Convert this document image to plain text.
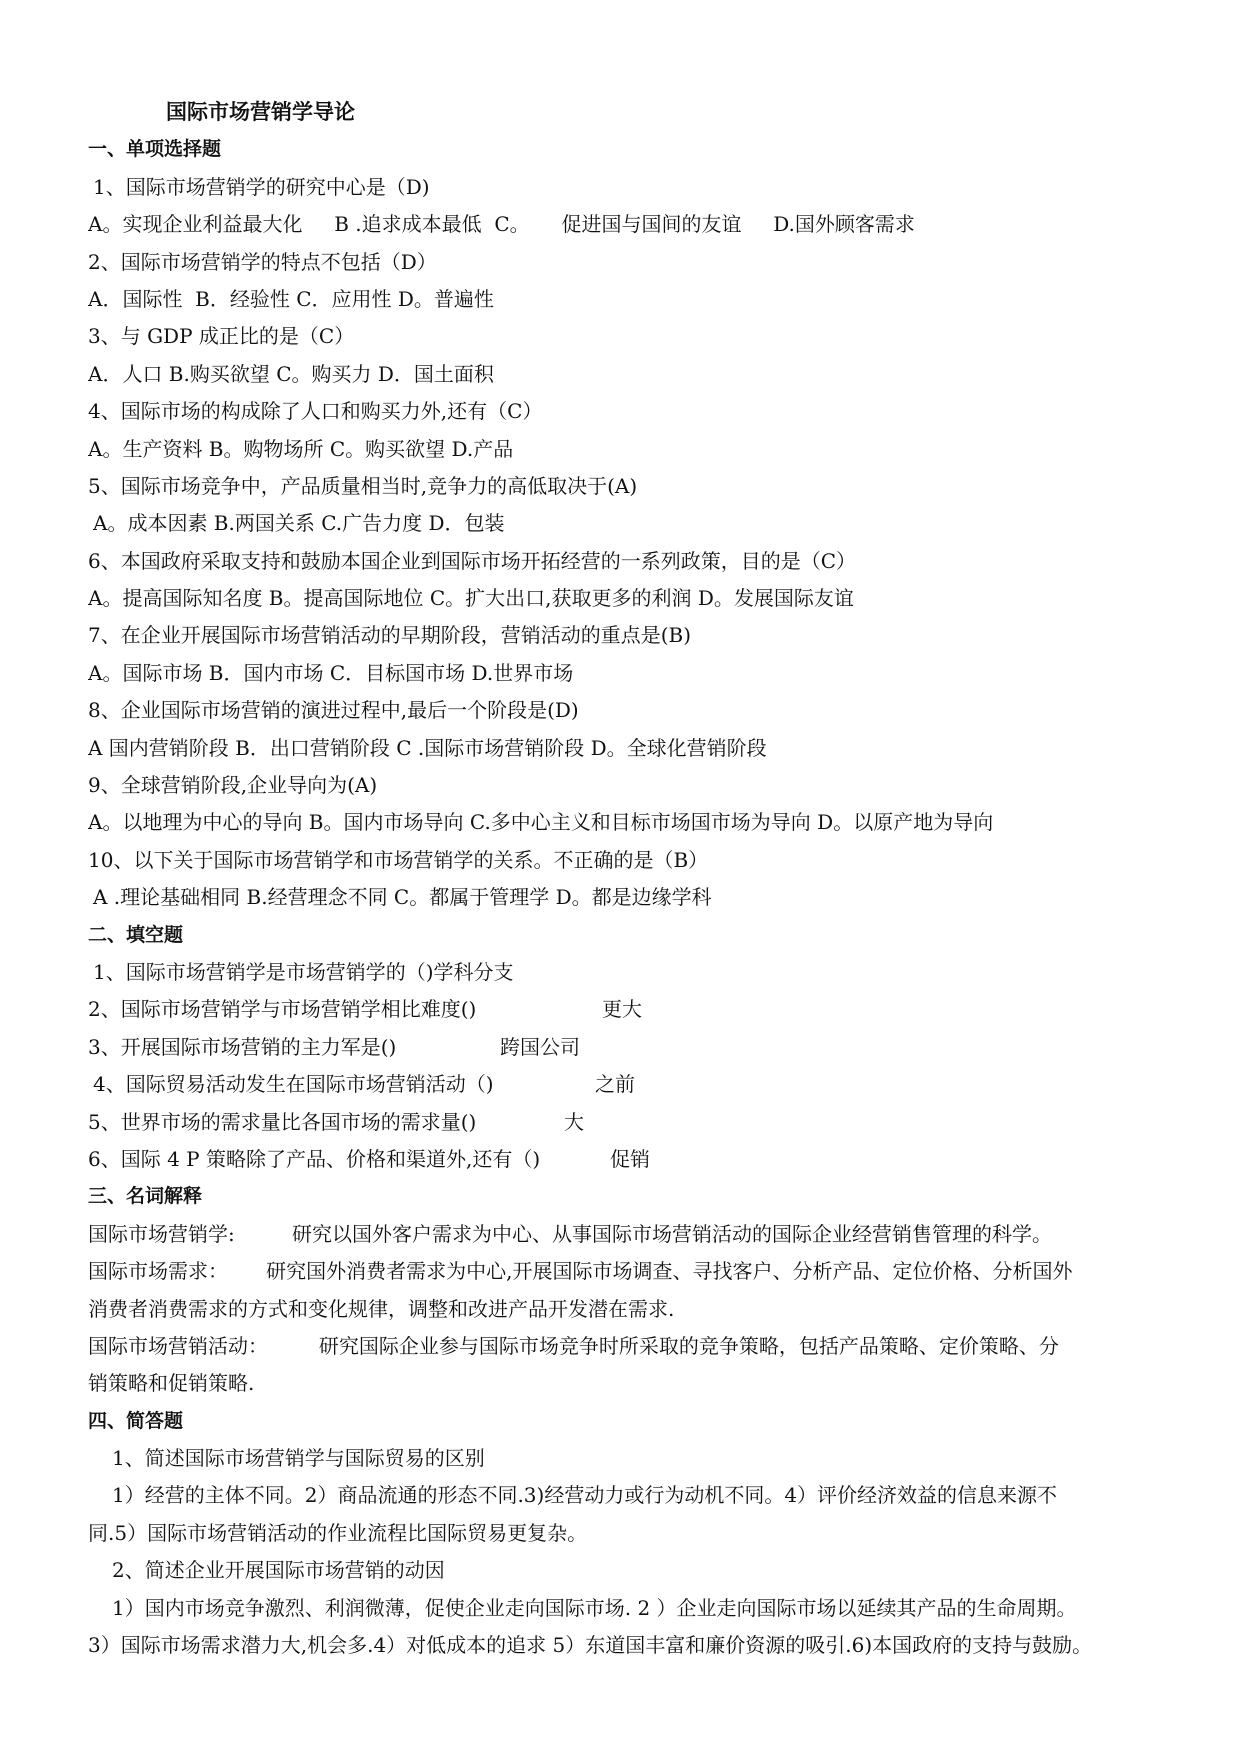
国际市场营销学导论
一、单项选择题
1、国际市场营销学的研究中心是（D)
A。实现企业利益最大化     B .追求成本最低  C。     促进国与国间的友谊     D.国外顾客需求
2、国际市场营销学的特点不包括（D）
A．国际性  B．经验性 C．应用性 D。普遍性
3、与 GDP 成正比的是（C）
A．人口 B.购买欲望 C。购买力 D．国土面积
4、国际市场的构成除了人口和购买力外,还有（C）
A。生产资料 B。购物场所 C。购买欲望 D.产品
5、国际市场竞争中，产品质量相当时,竞争力的高低取决于(A)
A。成本因素 B.两国关系 C.广告力度 D．包装
6、本国政府采取支持和鼓励本国企业到国际市场开拓经营的一系列政策，目的是（C）
A。提高国际知名度 B。提高国际地位 C。扩大出口,获取更多的利润 D。发展国际友谊
7、在企业开展国际市场营销活动的早期阶段，营销活动的重点是(B)
A。国际市场 B．国内市场 C．目标国市场 D.世界市场
8、企业国际市场营销的演进过程中,最后一个阶段是(D)
A 国内营销阶段 B．出口营销阶段 C .国际市场营销阶段 D。全球化营销阶段
9、全球营销阶段,企业导向为(A)
A。以地理为中心的导向 B。国内市场导向 C.多中心主义和目标市场国市场为导向 D。以原产地为导向
10、以下关于国际市场营销学和市场营销学的关系。不正确的是（B）
A .理论基础相同 B.经营理念不同 C。都属于管理学 D。都是边缘学科
二、填空题
1、国际市场营销学是市场营销学的（)学科分支
2、国际市场营销学与市场营销学相比难度()	更大
3、开展国际市场营销的主力军是()	跨国公司
4、国际贸易活动发生在国际市场营销活动（)	之前
5、世界市场的需求量比各国市场的需求量()	大
6、国际 4 P 策略除了产品、价格和渠道外,还有（)	促销
三、名词解释
国际市场营销学:         研究以国外客户需求为中心、从事国际市场营销活动的国际企业经营销售管理的科学。
国际市场需求：      研究国外消费者需求为中心,开展国际市场调查、寻找客户、分析产品、定位价格、分析国外
消费者消费需求的方式和变化规律，调整和改进产品开发潜在需求.
国际市场营销活动：        研究国际企业参与国际市场竞争时所采取的竞争策略，包括产品策略、定价策略、分
销策略和促销策略.
四、简答题
1、简述国际市场营销学与国际贸易的区别
1）经营的主体不同。2）商品流通的形态不同.3)经营动力或行为动机不同。4）评价经济效益的信息来源不
同.5）国际市场营销活动的作业流程比国际贸易更复杂。
2、简述企业开展国际市场营销的动因
1）国内市场竞争激烈、利润微薄，促使企业走向国际市场. 2 ）企业走向国际市场以延续其产品的生命周期。
3）国际市场需求潜力大,机会多.4）对低成本的追求 5）东道国丰富和廉价资源的吸引.6)本国政府的支持与鼓励。
